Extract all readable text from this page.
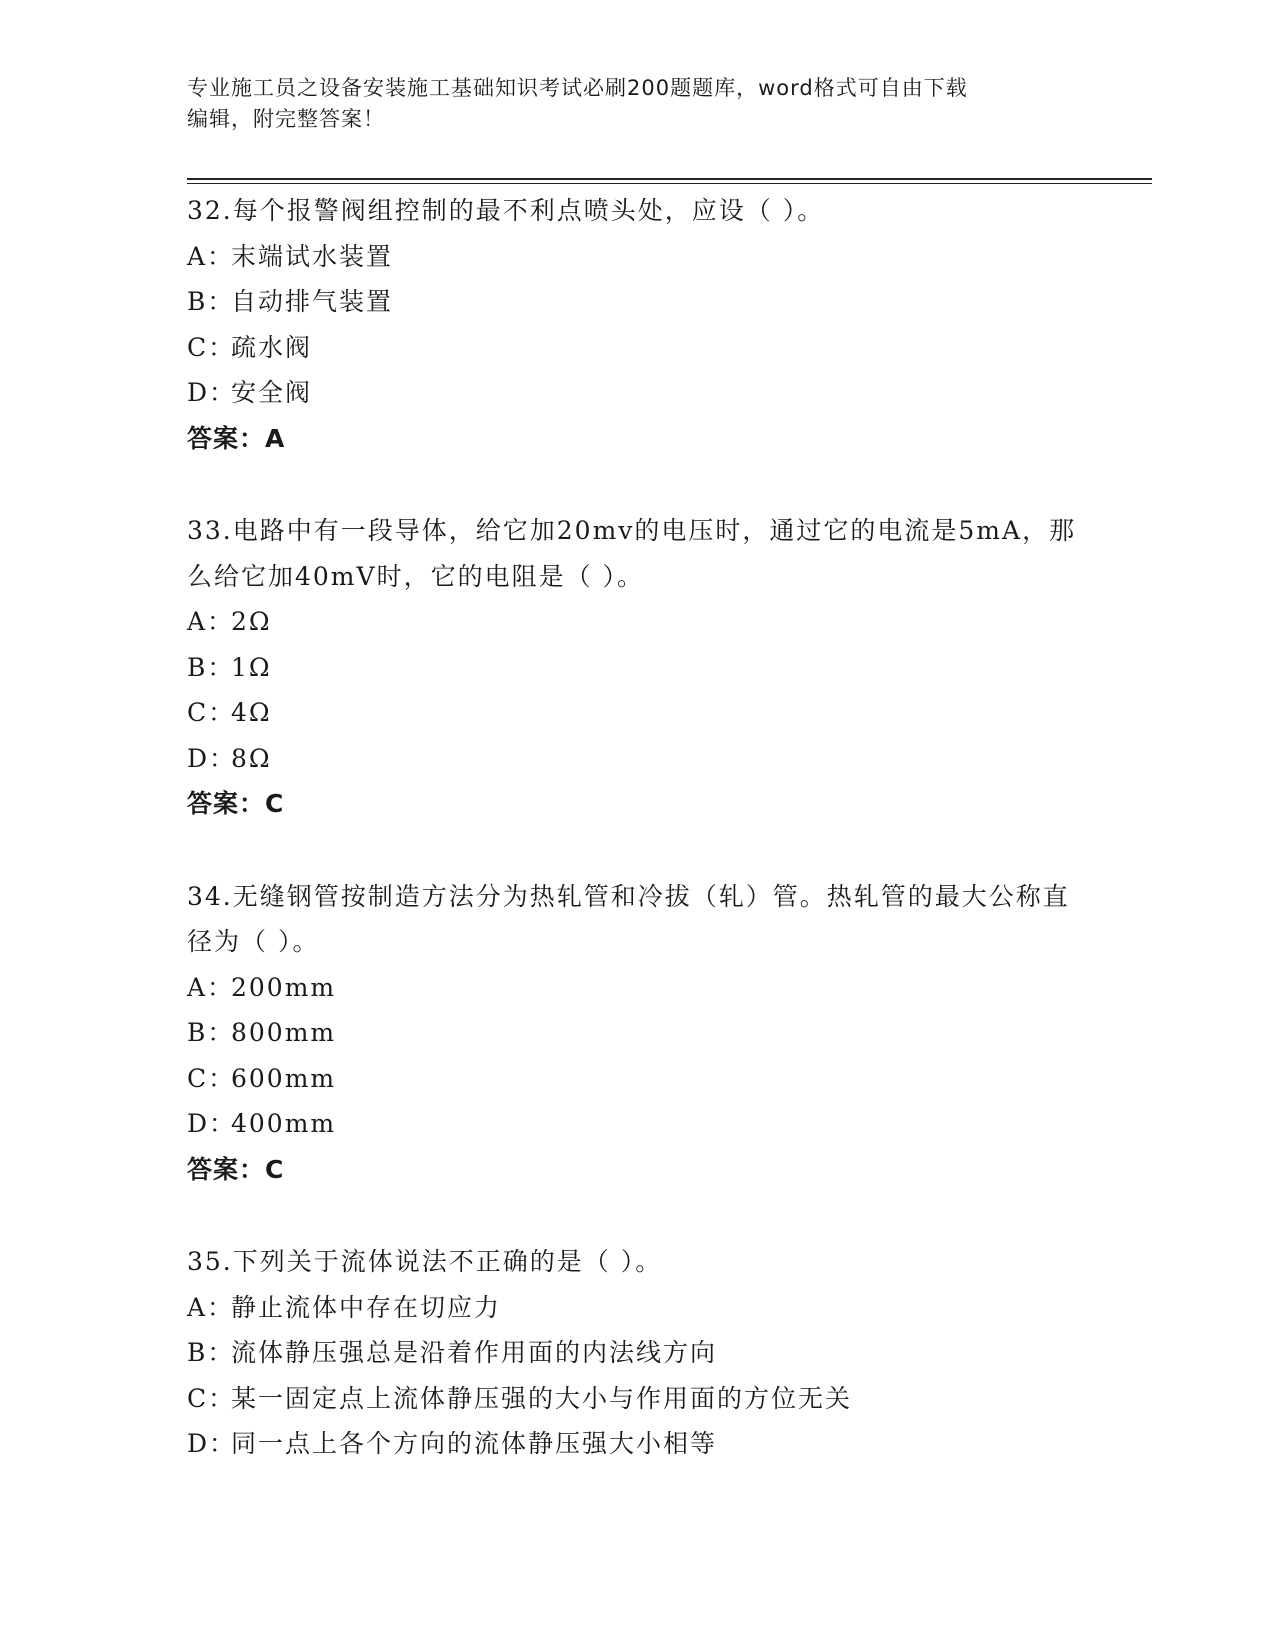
专业施工员之设备安装施工基础知识考试必刷200题题库，word格式可自由下载
编辑，附完整答案！
32.每个报警阀组控制的最不利点喷头处，应设（ ）。
A：
末端试水装置
B：
自动排气装置
C：
疏水阀
D：
安全阀
答案：A
33.电路中有一段导体，给它加20mv的电压时，通过它的电流是5mA，那么给它加40mV时，它的电阻是（ ）。
A：
2Ω
B：
1Ω
C：
4Ω
D：
8Ω
答案：C
34.无缝钢管按制造方法分为热轧管和冷拔（轧）管。热轧管的最大公称直径为（ ）。
A：
200mm
B：
800mm
C：
600mm
D：
400mm
答案：C
35.下列关于流体说法不正确的是（ ）。
A：
静止流体中存在切应力
B：
流体静压强总是沿着作用面的内法线方向
C：
某一固定点上流体静压强的大小与作用面的方位无关
D：
同一点上各个方向的流体静压强大小相等
